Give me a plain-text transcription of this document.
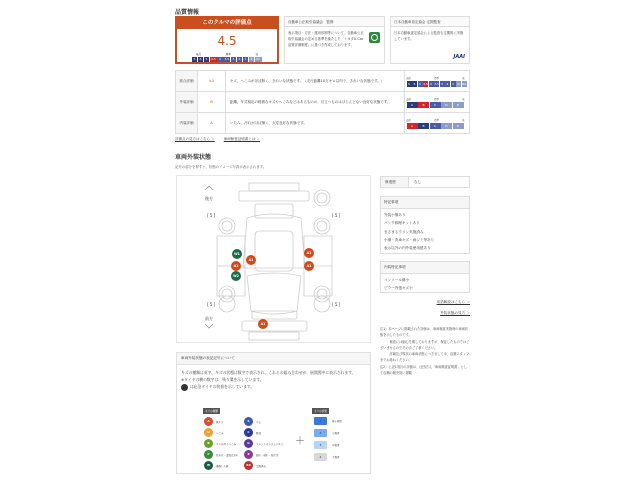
品質情報
このクルマの評価点
4.5
最高	標準	低
S	6	5	4.5	4	3.5	3	2	1	R	RA
自動車公正取引協議会　監修
表示項目・方法・運用体制等について、自動車公正取引協議会の定める基準を満たした「トヨタU-Car品質評価制度」に基づき作成しております。
日本自動車査定協会 定期監査
日本自動車査定協会による監査も定期的に実施しています。
JAAI
総合評価	4.5	キズ、へこみがほぼ無く、きれいな状態です。（走行距離10万キロ以内で、きれいな状態です。）	
最高	標準	低
S	6	5 4.5 4 3.5 3	2	1	R RA

外装評価	B	距離、年式相応の軽微なキズやへこみなどはあるものの、目立つものはほとんどない良好な状態です。	
最高	標準	低
A	B	C	D	E

内装評価	A	いたみ、汚れがほぼ無く、大変良好な状態です。	
最高	標準	低
A	B	C	D	E
評価点の見方はこちら ＞	車両検査証明書とは ＞
車両外装状態
記号の部分を押すと、状態のイメージ写真が表示されます。
後方
前方
[ 5 ]	[ 5 ]
[ 5 ]	[ 5 ]
W1
A1
A1
W2
A1
A1
A1
修復歴	なし
特記事項
外装小傷あり
パンク修理キットあり
まるまるクリン実施済み
小傷・洗車キズ・雨ジミ等あり
表示以外の内外装使用感あり
内装特記事項
コンソール傷小
ピラー内張キズ小
用語解説はこちら ＞
外装状態の見方 ＞
注1）本ページに掲載された評価は、車両検査実施時の車両状態を示したものです。
　　　検査には細心を期しておりますが、保証したものではございませんのでその点ご了承ください。
　　　詳細及び現状の車両状態につきましては、店舗スタッフまでお尋ねください。
注2）上記1項目の評価は、社団法人「車両検査証明書」として店舗の販売員に掲載
車両外装状態の表記記号について
キズの種類は英字、キズの状態は数字で表示され、これらの組み合わせが、展開図中に表示されます。
※タイヤの横の数字は、残り溝を示しています。
は応急タイヤの装着を示しています。
キズの種類	キズの状態
A	線キズ
U	へこみ
B	キズを伴うへこみ
P	色あせ・塗装はがれ
W	補修した跡
S	サビ
C	腐食
G	フロントガラス上のキズ
X	割れ・破れ・取れ等
XX	交換済み
＋
1	極小程度
2	小程度
3	中程度
4	大程度
